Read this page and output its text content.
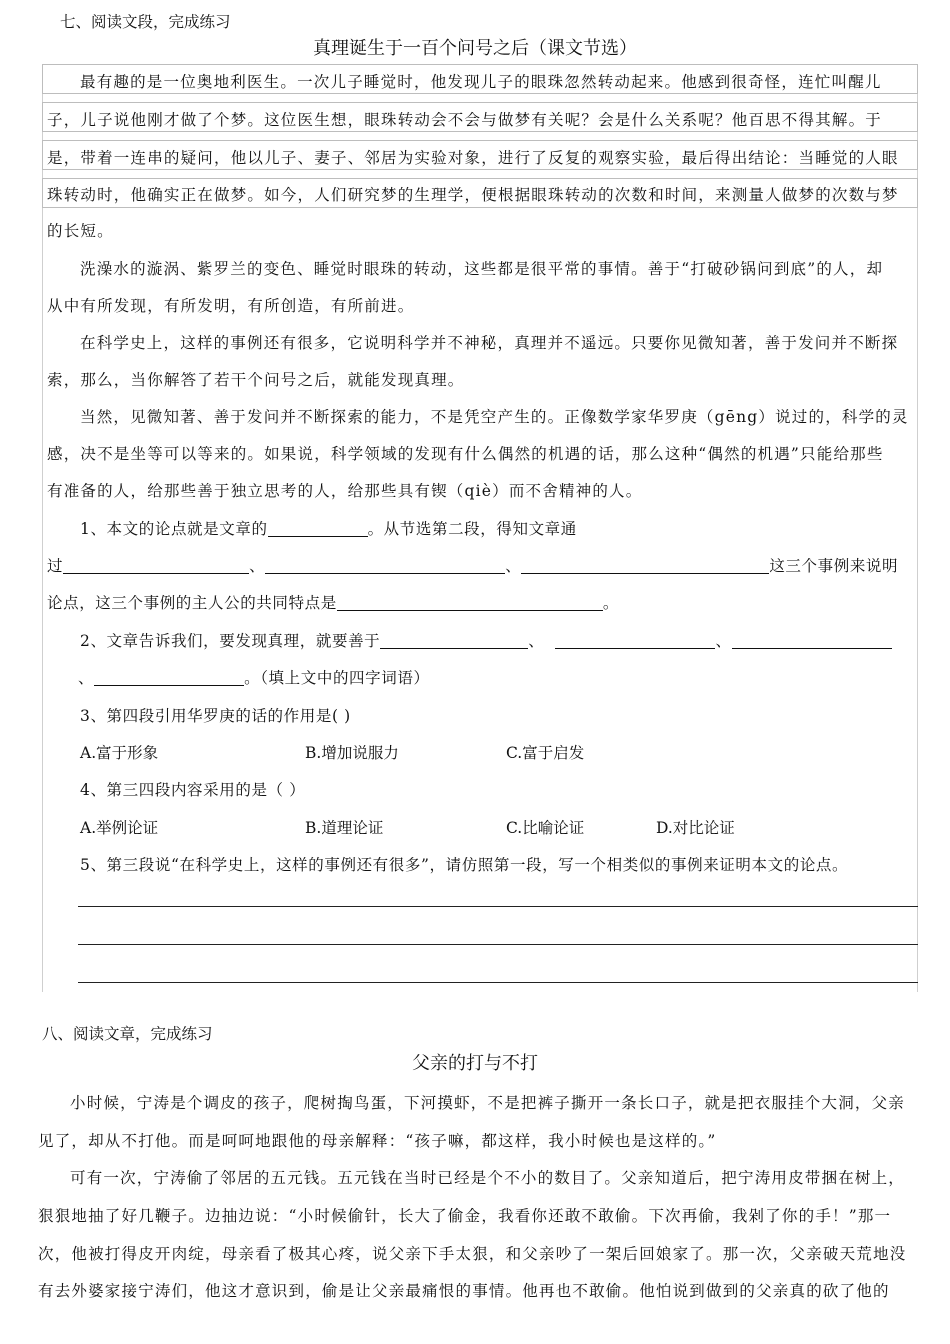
七、阅读文段，完成练习
真理诞生于一百个问号之后（课文节选）
最有趣的是一位奥地利医生。一次儿子睡觉时，他发现儿子的眼珠忽然转动起来。他感到很奇怪，连忙叫醒儿
子，儿子说他刚才做了个梦。这位医生想，眼珠转动会不会与做梦有关呢？会是什么关系呢？他百思不得其解。于
是，带着一连串的疑问，他以儿子、妻子、邻居为实验对象，进行了反复的观察实验，最后得出结论：当睡觉的人眼
珠转动时，他确实正在做梦。如今，人们研究梦的生理学，便根据眼珠转动的次数和时间，来测量人做梦的次数与梦
的长短。
洗澡水的漩涡、紫罗兰的变色、睡觉时眼珠的转动，这些都是很平常的事情。善于“打破砂锅问到底”的人，却
从中有所发现，有所发明，有所创造，有所前进。
在科学史上，这样的事例还有很多，它说明科学并不神秘，真理并不遥远。只要你见微知著，善于发问并不断探
索，那么，当你解答了若干个问号之后，就能发现真理。
当然，见微知著、善于发问并不断探索的能力，不是凭空产生的。正像数学家华罗庚（gēng）说过的，科学的灵
感，决不是坐等可以等来的。如果说，科学领域的发现有什么偶然的机遇的话，那么这种“偶然的机遇”只能给那些
有准备的人，给那些善于独立思考的人，给那些具有锲（qiè）而不舍精神的人。
1、本文的论点就是文章的	。从节选第二段，得知文章通
过	、	、	这三个事例来说明
论点，这三个事例的主人公的共同特点是	。
2、文章告诉我们，要发现真理，就要善于	、	、
、	。（填上文中的四字词语）
3、第四段引用华罗庚的话的作用是( )
A.富于形象	B.增加说服力	C.富于启发
4、第三四段内容采用的是（ ）
A.举例论证	B.道理论证	C.比喻论证	D.对比论证
5、第三段说“在科学史上，这样的事例还有很多”，请仿照第一段，写一个相类似的事例来证明本文的论点。
八、阅读文章，完成练习
父亲的打与不打
小时候，宁涛是个调皮的孩子，爬树掏鸟蛋，下河摸虾，不是把裤子撕开一条长口子，就是把衣服挂个大洞，父亲
见了，却从不打他。而是呵呵地跟他的母亲解释：“孩子嘛，都这样，我小时候也是这样的。”
可有一次，宁涛偷了邻居的五元钱。五元钱在当时已经是个不小的数目了。父亲知道后，把宁涛用皮带捆在树上，
狠狠地抽了好几鞭子。边抽边说：“小时候偷针，长大了偷金，我看你还敢不敢偷。下次再偷，我剁了你的手！”那一
次，他被打得皮开肉绽，母亲看了极其心疼，说父亲下手太狠，和父亲吵了一架后回娘家了。那一次，父亲破天荒地没
有去外婆家接宁涛们，他这才意识到，偷是让父亲最痛恨的事情。他再也不敢偷。他怕说到做到的父亲真的砍了他的
